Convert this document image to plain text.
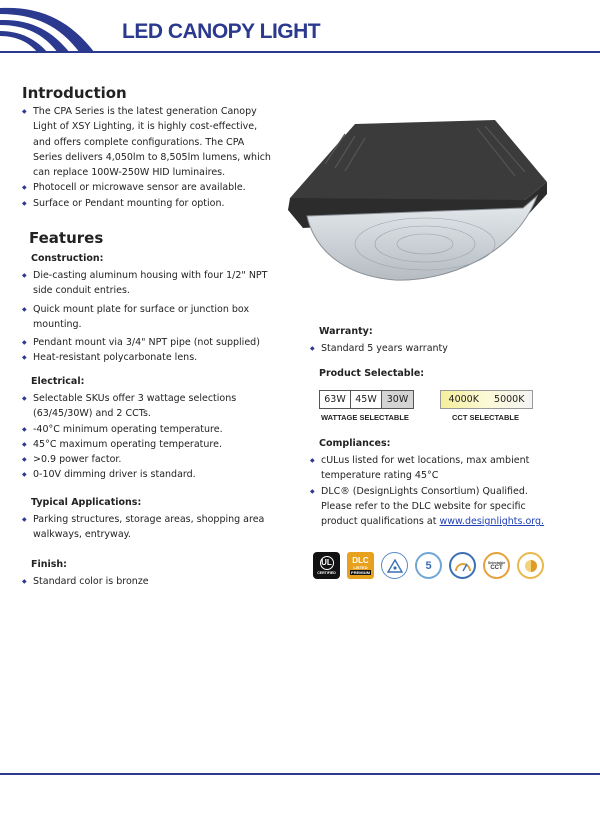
LED CANOPY LIGHT
Introduction
◆ The CPA Series is the latest generation Canopy Light of XSY Lighting, it is highly cost-effective, and offers complete configurations. The CPA Series delivers 4,050lm to 8,505lm lumens, which can replace 100W-250W HID luminaires.
◆ Photocell or microwave sensor are available.
◆ Surface or Pendant mounting for option.
Features
Construction:
◆ Die-casting aluminum housing with four 1/2" NPT side conduit entries.
◆ Quick mount plate for surface or junction box mounting.
◆ Pendant mount via 3/4" NPT pipe (not supplied)
◆ Heat-resistant polycarbonate lens.
Electrical:
◆ Selectable SKUs offer 3 wattage selections (63/45/30W) and 2 CCTs.
◆ -40°C minimum operating temperature.
◆ 45°C maximum operating temperature.
◆ >0.9 power factor.
◆ 0-10V dimming driver is standard.
Typical Applications:
◆ Parking structures, storage areas, shopping area walkways, entryway.
Finish:
◆ Standard color is bronze
Warranty:
◆ Standard 5 years warranty
Product Selectable:
63W	45W	30W
WATTAGE SELECTABLE
4000K	5000K
CCT SELECTABLE
Compliances:
◆ cULus listed for wet locations, max ambient temperature rating 45°C
◆ DLC® (DesignLights Consortium) Qualified. Please refer to the DLC website for specific product qualifications at www.designlights.org.
UL
CERTIFIED
DLC
LISTED
PREMIUM
5	Selectable
CCT
